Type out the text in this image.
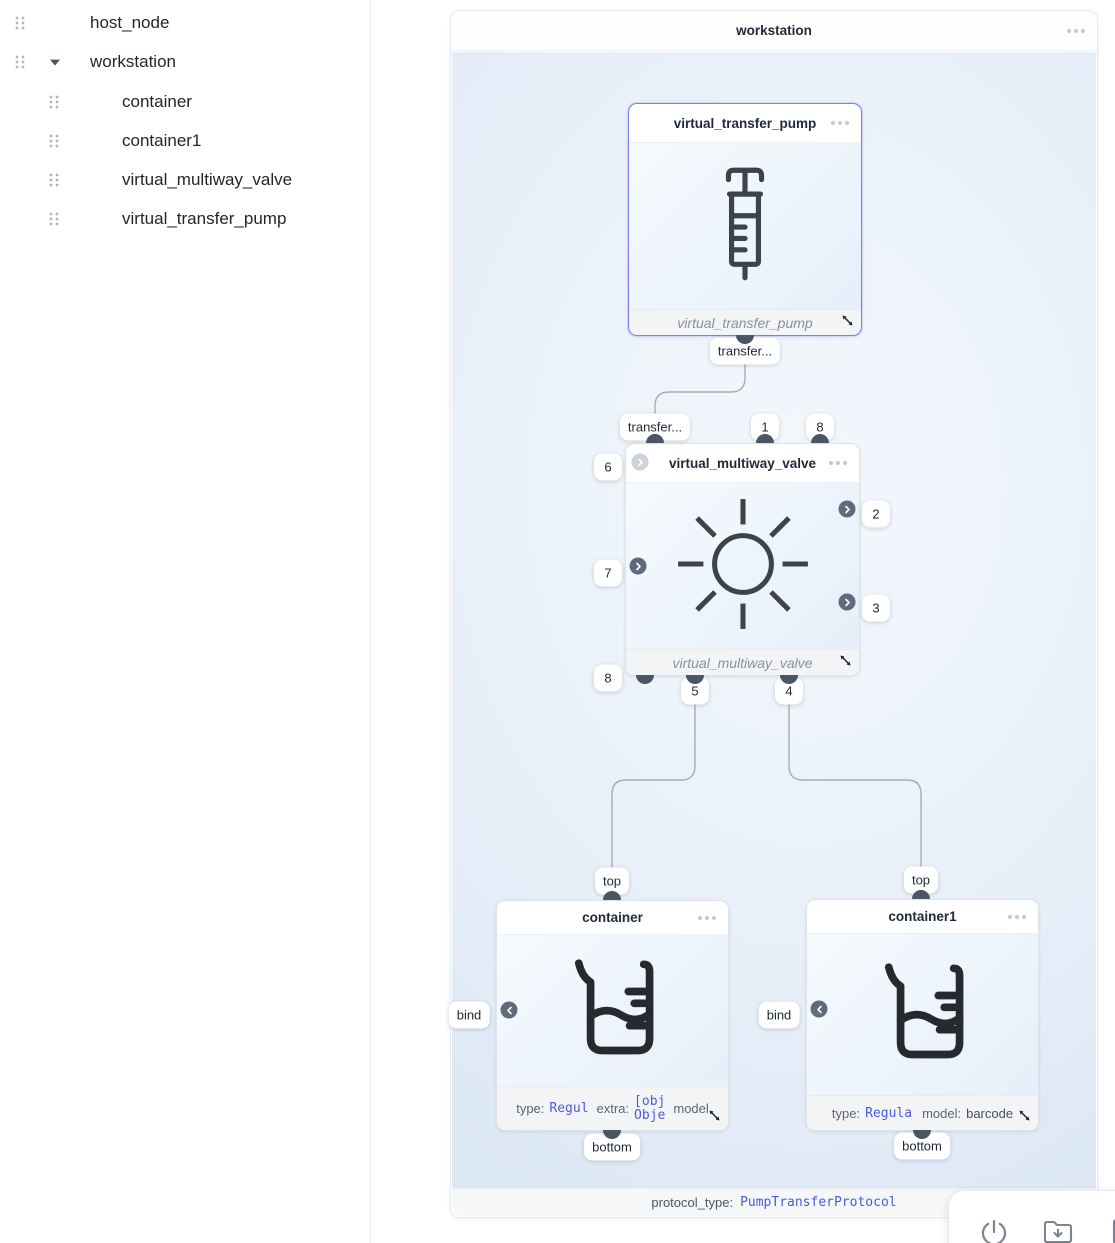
host_node
workstation
container
container1
virtual_multiway_valve
virtual_transfer_pump
workstation
protocol_type: PumpTransferProtocol
virtual_transfer_pump
virtual_transfer_pump
virtual_multiway_valve
virtual_multiway_valve
container
type: Regul extra: [obj
Obje model
container1
type: Regula model: barcode
transfer...
transfer...	1	8
6
7
8
2
3
5	4
top
bind
bottom
top
bind
bottom
